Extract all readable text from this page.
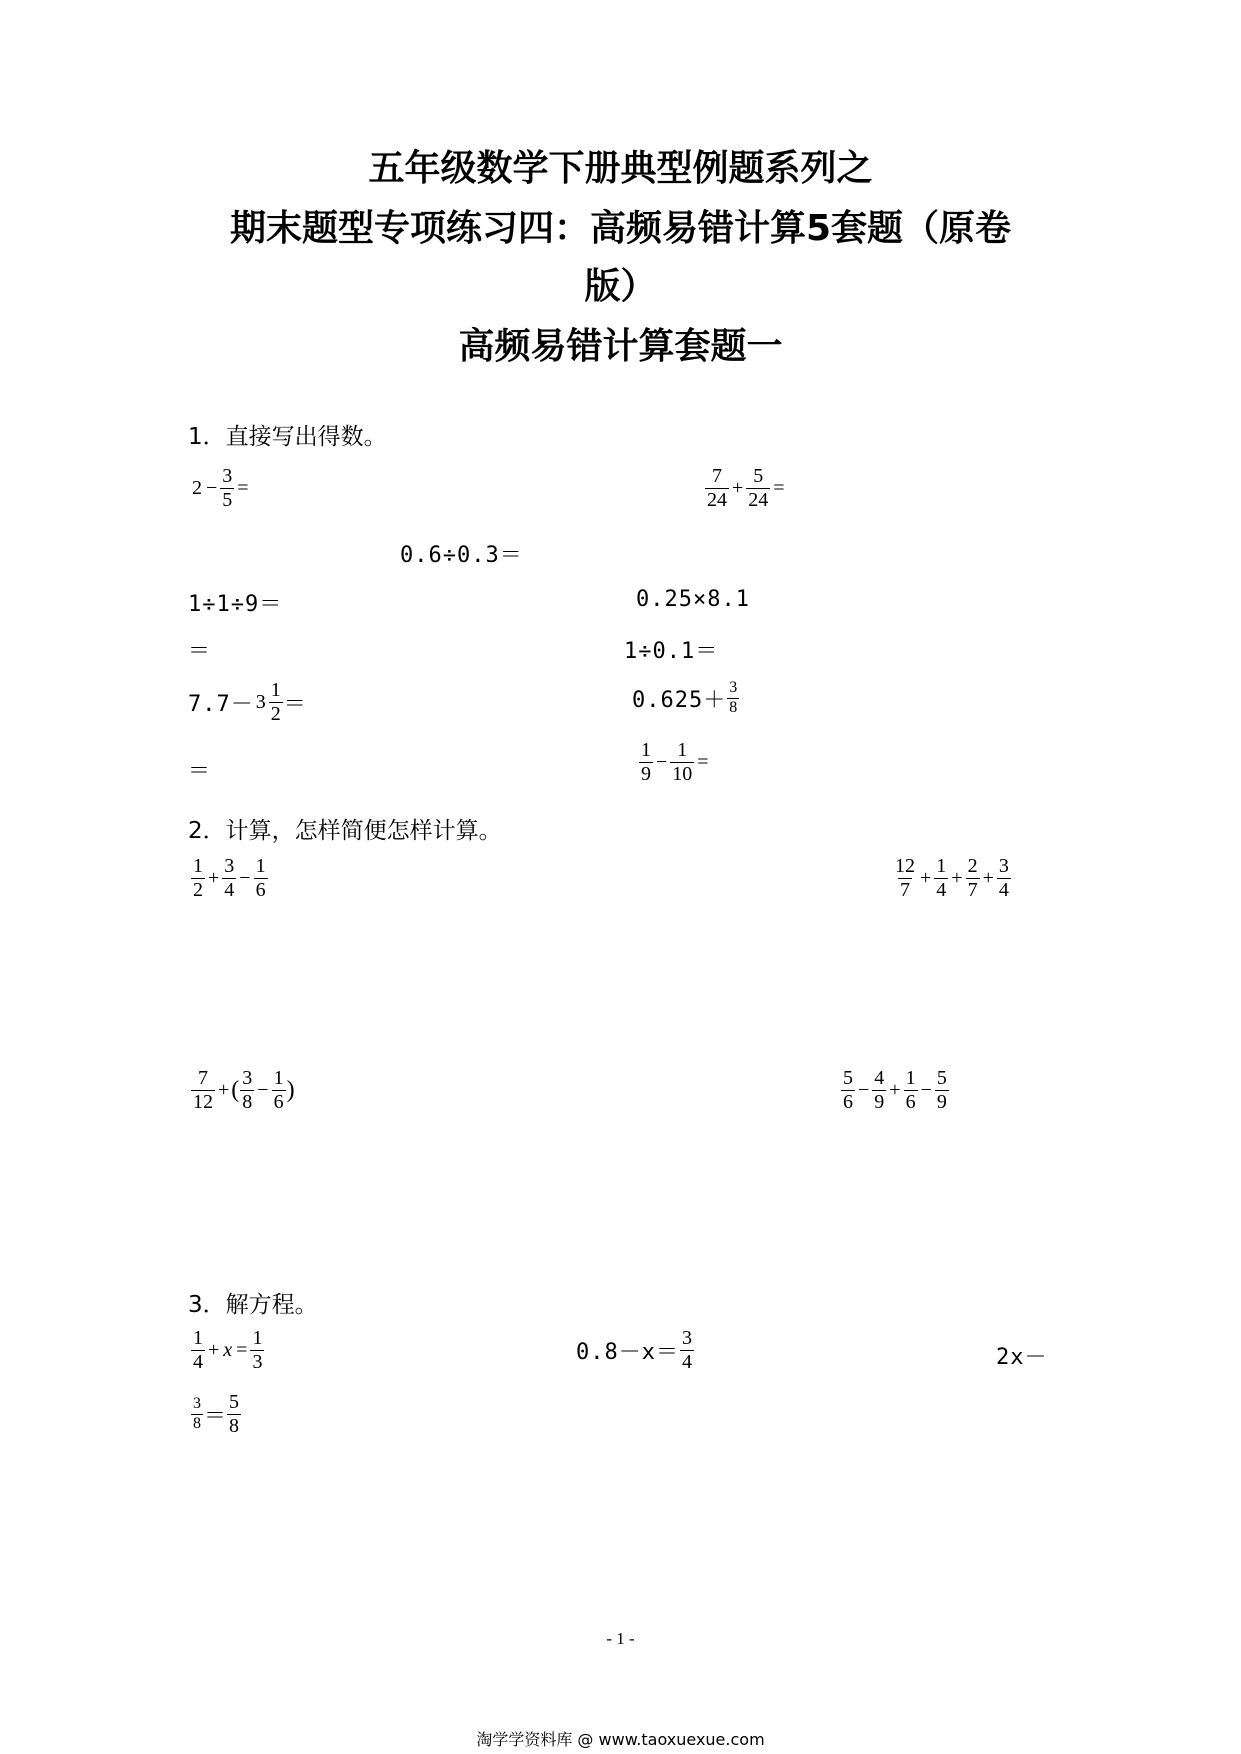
五年级数学下册典型例题系列之
期末题型专项练习四：高频易错计算5套题（原卷
版）
高频易错计算套题一
1．直接写出得数。
$2 - \frac{3}{5}$ =	$\frac{7}{24} + \frac{5}{24}$ =
0.6÷0.3＝
1÷1÷9＝	0.25×8.1
＝	1÷0.1＝
$7.7- 3 \frac{1}{2}$ ＝	$0.625+ \frac{3}{8}$
＝	$\frac{1}{9} - \frac{1}{10}$ =
2．计算，怎样简便怎样计算。
$\frac{1}{2} + \frac{3}{4} - \frac{1}{6}$	$\frac{12}{7} + \frac{1}{4} + \frac{2}{7} + \frac{3}{4}$
$\frac{7}{12}$ +( $\frac{3}{8} - \frac{1}{6}$ )	$\frac{5}{6} - \frac{4}{9} + \frac{1}{6} - \frac{5}{9}$
3．解方程。
$\frac{1}{4} + x = \frac{1}{3}$	$0.8-x= \frac{3}{4}$	2x－
$\frac{3}{8} = \frac{5}{8}$
- 1 -
淘学学资料库 @ www.taoxuexue.com
